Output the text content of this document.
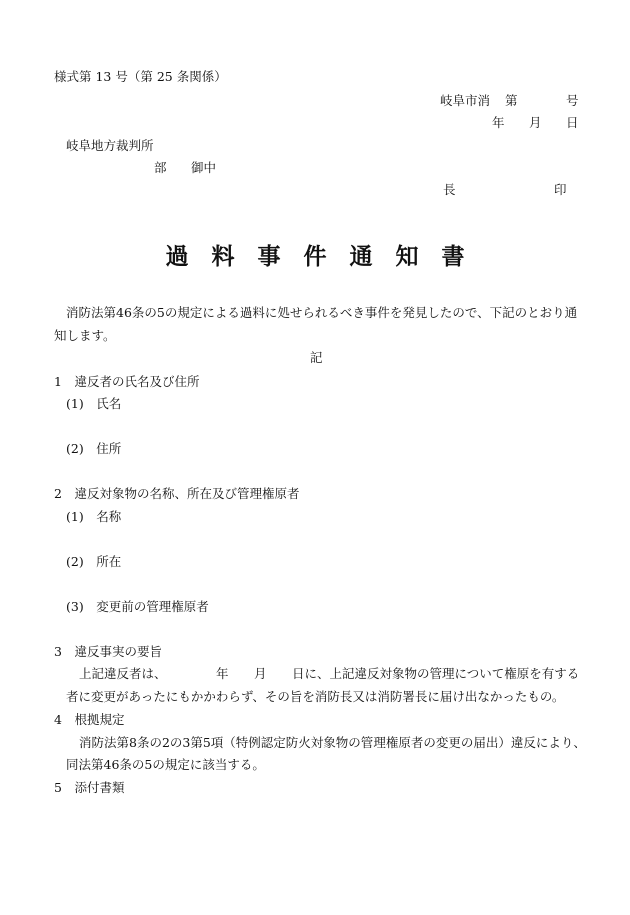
様式第 13 号（第 25 条関係）
岐阜市消 第	号
年 月 日
岐阜地方裁判所
部 御中
長	印
過料事件通知書
消防法第46条の5の規定による過料に処せられるべき事件を発見したので、下記のとおり通
知します。
記
1　違反者の氏名及び住所
(1)　氏名
(2)　住所
2　違反対象物の名称、所在及び管理権原者
(1)　名称
(2)　所在
(3)　変更前の管理権原者
3　違反事実の要旨
上記違反者は、	年 月 日に、上記違反対象物の管理について権原を有する
者に変更があったにもかかわらず、その旨を消防長又は消防署長に届け出なかったもの。
4　根拠規定
消防法第8条の2の3第5項（特例認定防火対象物の管理権原者の変更の届出）違反により、
同法第46条の5の規定に該当する。
5　添付書類
